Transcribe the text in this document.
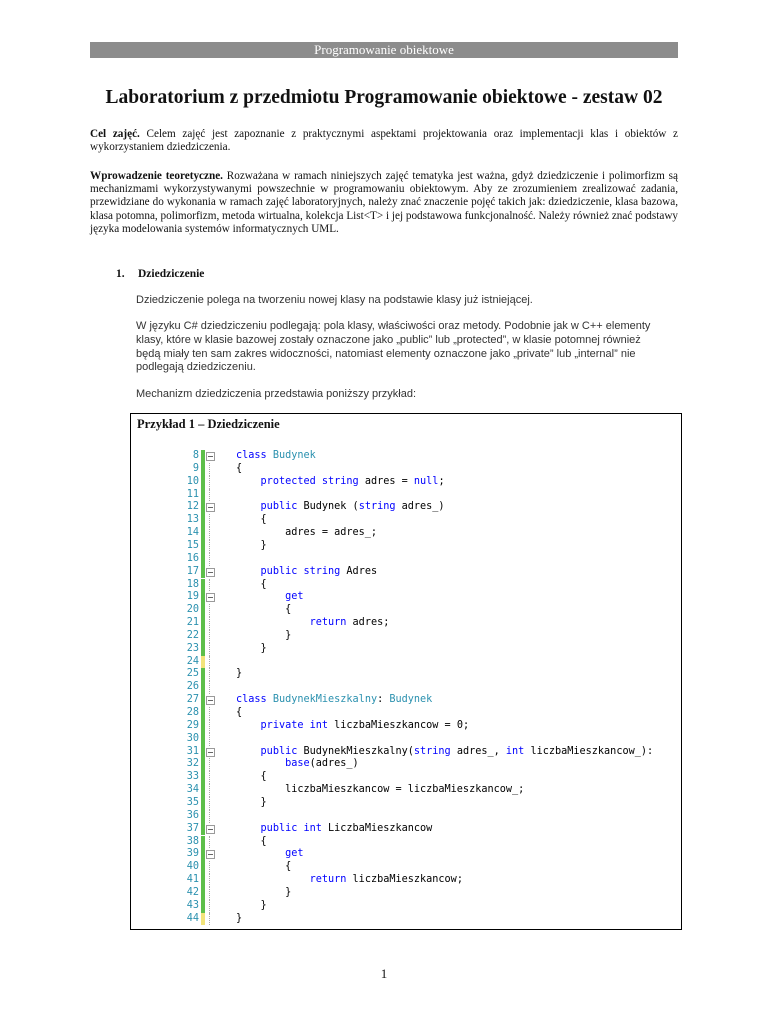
Programowanie obiektowe
Laboratorium z przedmiotu Programowanie obiektowe - zestaw 02

Cel zajęć. Celem zajęć jest zapoznanie z praktycznymi aspektami projektowania oraz implementacji klas i obiektów z wykorzystaniem dziedziczenia.

Wprowadzenie teoretyczne. Rozważana w ramach niniejszych zajęć tematyka jest ważna, gdyż dziedziczenie i polimorfizm są mechanizmami wykorzystywanymi powszechnie w programowaniu obiektowym. Aby ze zrozumieniem zrealizować zadania, przewidziane do wykonania w ramach zajęć laboratoryjnych, należy znać znaczenie pojęć takich jak: dziedziczenie, klasa bazowa, klasa potomna, polimorfizm, metoda wirtualna, kolekcja List<T> i jej podstawowa funkcjonalność. Należy również znać podstawy języka modelowania systemów informatycznych UML.

1. Dziedziczenie

Dziedziczenie polega na tworzeniu nowej klasy na podstawie klasy już istniejącej.

W języku C# dziedziczeniu podlegają: pola klasy, właściwości oraz metody. Podobnie jak w C++ elementy klasy, które w klasie bazowej zostały oznaczone jako „public” lub „protected”, w klasie potomnej również będą miały ten sam zakres widoczności, natomiast elementy oznaczone jako „private” lub „internal” nie podlegają dziedziczeniu.

Mechanizm dziedziczenia przedstawia poniższy przykład:

Przykład 1 – Dziedziczenie
8	class Budynek
9	{
10	protected string adres = null;
11
12	public Budynek (string adres_)
13	{
14	adres = adres_;
15	}
16
17	public string Adres
18	{
19	get
20	{
21	return adres;
22	}
23	}
24
25	}
26
27	class BudynekMieszkalny: Budynek
28	{
29	private int liczbaMieszkancow = 0;
30
31	public BudynekMieszkalny(string adres_, int liczbaMieszkancow_):
32	base(adres_)
33	{
34	liczbaMieszkancow = liczbaMieszkancow_;
35	}
36
37	public int LiczbaMieszkancow
38	{
39	get
40	{
41	return liczbaMieszkancow;
42	}
43	}
44	}
1
